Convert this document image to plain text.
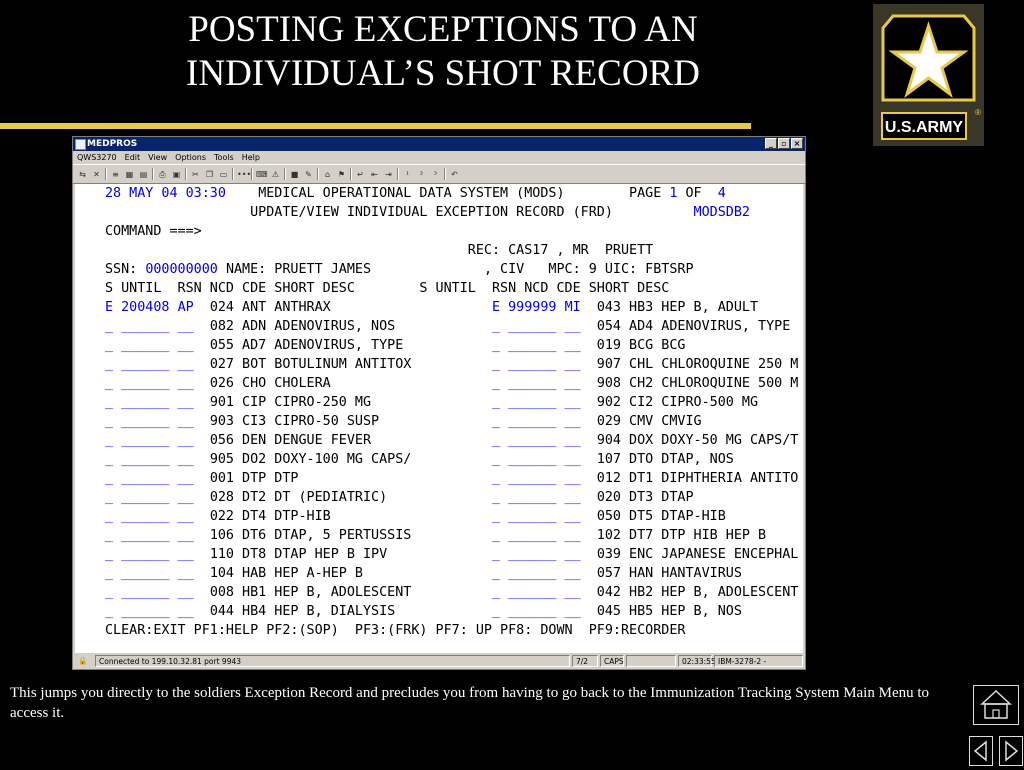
POSTING EXCEPTIONS TO AN
INDIVIDUAL’S SHOT RECORD
U.S.ARMY
®
MEDPROS	_	▫ ×
QWS3270 Edit View Options Tools Help
⇆ ✕ ≡ ▦ ▤ ⎙ ▣ ✂ ❐ ▭ ••• ⌨ ⚠ ■ ✎	⌂ ⚑ ↵ ⇤ ⇥	¹	²	³	↶
28 MAY 04 03:30 MEDICAL OPERATIONAL DATA SYSTEM (MODS)	PAGE 1 OF 4
UPDATE/VIEW INDIVIDUAL EXCEPTION RECORD (FRD)	MODSDB2
COMMAND ===>
REC: CAS17 , MR  PRUETT
SSN: 000000000 NAME: PRUETT JAMES	, CIV   MPC: 9 UIC: FBTSRP
S UNTIL  RSN NCD CDE SHORT DESC	S UNTIL  RSN NCD CDE SHORT DESC
E 200408 AP 024 ANT ANTHRAX	E 999999 MI 043 HB3 HEP B, ADULT
_ ______ __ 082 ADN ADENOVIRUS, NOS	_ ______ __ 054 AD4 ADENOVIRUS, TYPE
_ ______ __ 055 AD7 ADENOVIRUS, TYPE	_ ______ __ 019 BCG BCG
_ ______ __ 027 BOT BOTULINUM ANTITOX	_ ______ __ 907 CHL CHLOROQUINE 250 M
_ ______ __ 026 CHO CHOLERA	_ ______ __ 908 CH2 CHLOROQUINE 500 M
_ ______ __ 901 CIP CIPRO-250 MG	_ ______ __ 902 CI2 CIPRO-500 MG
_ ______ __ 903 CI3 CIPRO-50 SUSP	_ ______ __ 029 CMV CMVIG
_ ______ __ 056 DEN DENGUE FEVER	_ ______ __ 904 DOX DOXY-50 MG CAPS/T
_ ______ __ 905 DO2 DOXY-100 MG CAPS/	_ ______ __ 107 DTO DTAP, NOS
_ ______ __ 001 DTP DTP	_ ______ __ 012 DT1 DIPHTHERIA ANTITO
_ ______ __ 028 DT2 DT (PEDIATRIC)	_ ______ __ 020 DT3 DTAP
_ ______ __ 022 DT4 DTP-HIB	_ ______ __ 050 DT5 DTAP-HIB
_ ______ __ 106 DT6 DTAP, 5 PERTUSSIS	_ ______ __ 102 DT7 DTP HIB HEP B
_ ______ __ 110 DT8 DTAP HEP B IPV	_ ______ __ 039 ENC JAPANESE ENCEPHAL
_ ______ __ 104 HAB HEP A-HEP B	_ ______ __ 057 HAN HANTAVIRUS
_ ______ __ 008 HB1 HEP B, ADOLESCENT	_ ______ __ 042 HB2 HEP B, ADOLESCENT
_ ______ __ 044 HB4 HEP B, DIALYSIS	_ ______ __ 045 HB5 HEP B, NOS
CLEAR:EXIT PF1:HELP PF2:(SOP)  PF3:(FRK) PF7: UP PF8: DOWN  PF9:RECORDER
🔒	Connected to 199.10.32.81 port 9943	7/2	CAPS	02:33:55 IBM-3278-2 - TCP10007
This jumps you directly to the soldiers Exception Record and precludes you from having to go back to the Immunization Tracking System Main Menu to access it.
